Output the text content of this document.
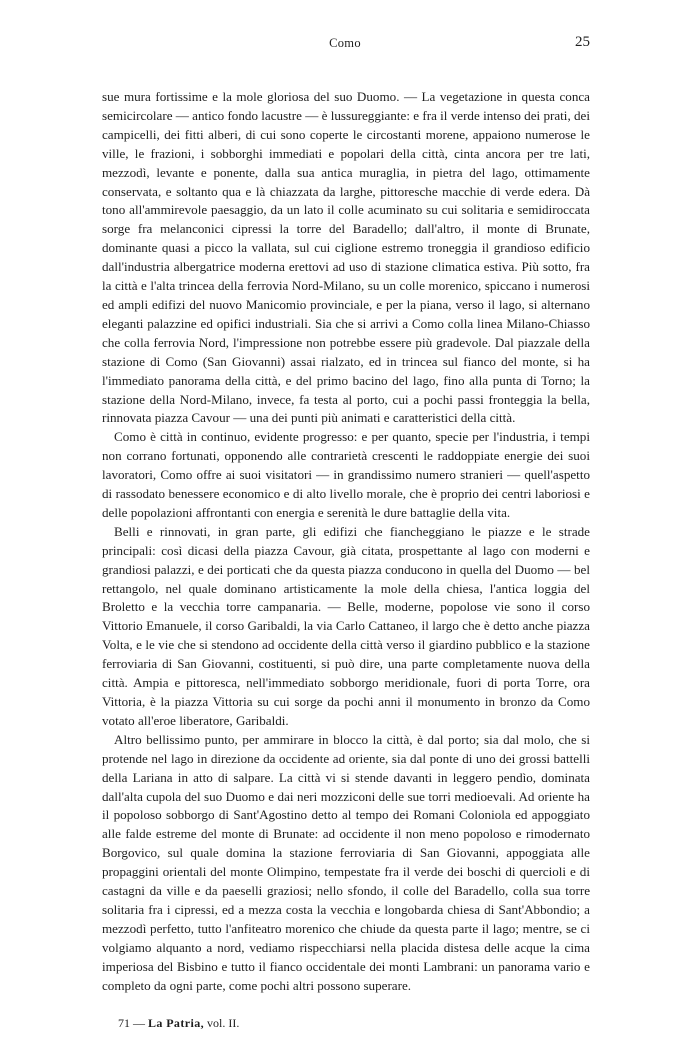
Como	25

sue mura fortissime e la mole gloriosa del suo Duomo. — La vegetazione in questa conca semicircolare — antico fondo lacustre — è lussureggiante: e fra il verde intenso dei prati, dei campicelli, dei fitti alberi, di cui sono coperte le circostanti morene, appaiono numerose le ville, le frazioni, i sobborghi immediati e popolari della città, cinta ancora per tre lati, mezzodì, levante e ponente, dalla sua antica muraglia, in pietra del lago, ottimamente conservata, e soltanto qua e là chiazzata da larghe, pittoresche macchie di verde edera. Dà tono all'ammirevole paesaggio, da un lato il colle acuminato su cui solitaria e semidiroccata sorge fra melanconici cipressi la torre del Baradello; dall'altro, il monte di Brunate, dominante quasi a picco la vallata, sul cui ciglione estremo troneggia il grandioso edificio dall'industria albergatrice moderna erettovi ad uso di stazione climatica estiva. Più sotto, fra la città e l'alta trincea della ferrovia Nord-Milano, su un colle morenico, spiccano i numerosi ed ampli edifizi del nuovo Manicomio provinciale, e per la piana, verso il lago, si alternano eleganti palazzine ed opifici industriali. Sia che si arrivi a Como colla linea Milano-Chiasso che colla ferrovia Nord, l'impressione non potrebbe essere più gradevole. Dal piazzale della stazione di Como (San Giovanni) assai rialzato, ed in trincea sul fianco del monte, si ha l'immediato panorama della città, e del primo bacino del lago, fino alla punta di Torno; la stazione della Nord-Milano, invece, fa testa al porto, cui a pochi passi fronteggia la bella, rinnovata piazza Cavour — una dei punti più animati e caratteristici della città.

Como è città in continuo, evidente progresso: e per quanto, specie per l'industria, i tempi non corrano fortunati, opponendo alle contrarietà crescenti le raddoppiate energie dei suoi lavoratori, Como offre ai suoi visitatori — in grandissimo numero stranieri — quell'aspetto di rassodato benessere economico e di alto livello morale, che è proprio dei centri laboriosi e delle popolazioni affrontanti con energia e serenità le dure battaglie della vita.

Belli e rinnovati, in gran parte, gli edifizi che fiancheggiano le piazze e le strade principali: così dicasi della piazza Cavour, già citata, prospettante al lago con moderni e grandiosi palazzi, e dei porticati che da questa piazza conducono in quella del Duomo — bel rettangolo, nel quale dominano artisticamente la mole della chiesa, l'antica loggia del Broletto e la vecchia torre campanaria. — Belle, moderne, popolose vie sono il corso Vittorio Emanuele, il corso Garibaldi, la via Carlo Cattaneo, il largo che è detto anche piazza Volta, e le vie che si stendono ad occidente della città verso il giardino pubblico e la stazione ferroviaria di San Giovanni, costituenti, si può dire, una parte completamente nuova della città. Ampia e pittoresca, nell'immediato sobborgo meridionale, fuori di porta Torre, ora Vittoria, è la piazza Vittoria su cui sorge da pochi anni il monumento in bronzo da Como votato all'eroe liberatore, Garibaldi.

Altro bellissimo punto, per ammirare in blocco la città, è dal porto; sia dal molo, che si protende nel lago in direzione da occidente ad oriente, sia dal ponte di uno dei grossi battelli della Lariana in atto di salpare. La città vi si stende davanti in leggero pendìo, dominata dall'alta cupola del suo Duomo e dai neri mozziconi delle sue torri medioevali. Ad oriente ha il popoloso sobborgo di Sant'Agostino detto al tempo dei Romani Coloniola ed appoggiato alle falde estreme del monte di Brunate: ad occidente il non meno popoloso e rimodernato Borgovico, sul quale domina la stazione ferroviaria di San Giovanni, appoggiata alle propaggini orientali del monte Olimpino, tempestate fra il verde dei boschi di quercioli e di castagni da ville e da paeselli graziosi; nello sfondo, il colle del Baradello, colla sua torre solitaria fra i cipressi, ed a mezza costa la vecchia e longobarda chiesa di Sant'Abbondio; a mezzodì perfetto, tutto l'anfiteatro morenico che chiude da questa parte il lago; mentre, se ci volgiamo alquanto a nord, vediamo rispecchiarsi nella placida distesa delle acque la cima imperiosa del Bisbino e tutto il fianco occidentale dei monti Lambrani: un panorama vario e completo da ogni parte, come pochi altri possono superare.

71 — La Patria, vol. II.
